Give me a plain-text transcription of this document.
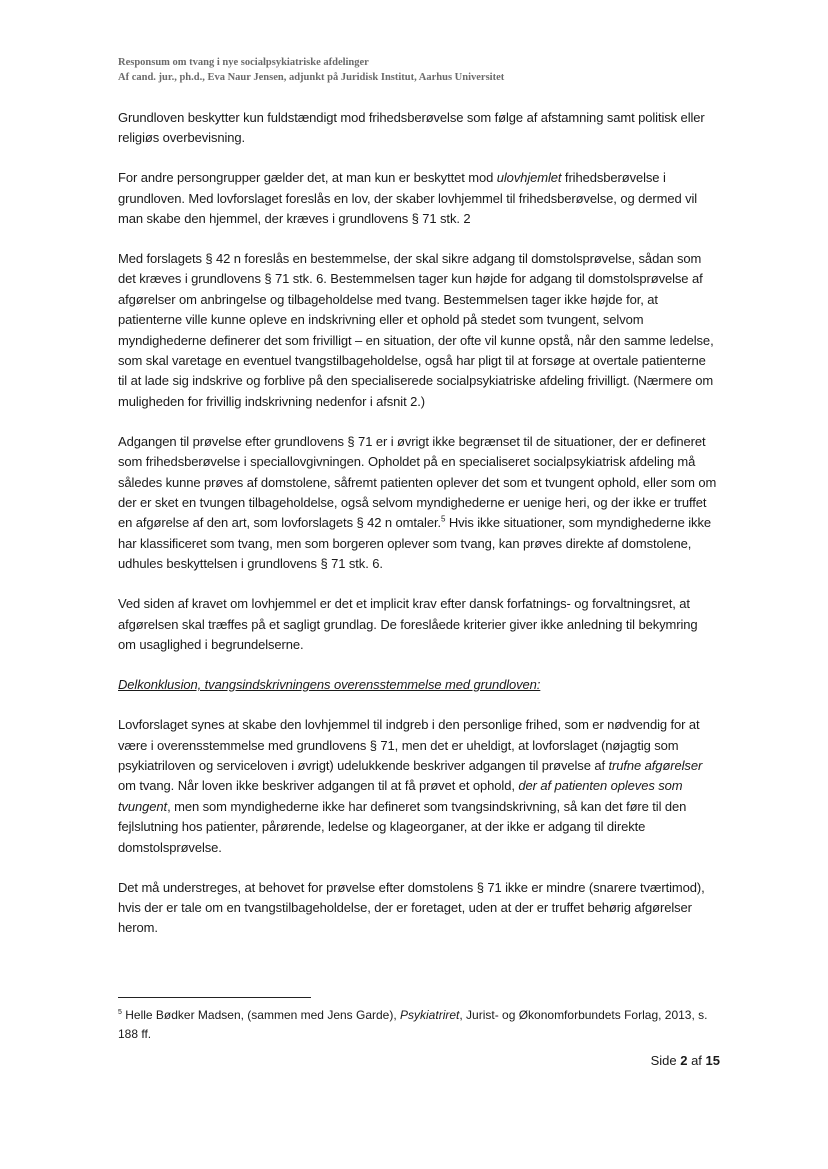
Responsum om tvang i nye socialpsykiatriske afdelinger
Af cand. jur., ph.d., Eva Naur Jensen, adjunkt på Juridisk Institut, Aarhus Universitet

Grundloven beskytter kun fuldstændigt mod frihedsberøvelse som følge af afstamning samt politisk eller religiøs overbevisning.

For andre persongrupper gælder det, at man kun er beskyttet mod ulovhjemlet frihedsberøvelse i grundloven. Med lovforslaget foreslås en lov, der skaber lovhjemmel til frihedsberøvelse, og dermed vil man skabe den hjemmel, der kræves i grundlovens § 71 stk. 2

Med forslagets § 42 n foreslås en bestemmelse, der skal sikre adgang til domstolsprøvelse, sådan som det kræves i grundlovens § 71 stk. 6. Bestemmelsen tager kun højde for adgang til domstolsprøvelse af afgørelser om anbringelse og tilbageholdelse med tvang. Bestemmelsen tager ikke højde for, at patienterne ville kunne opleve en indskrivning eller et ophold på stedet som tvungent, selvom myndighederne definerer det som frivilligt – en situation, der ofte vil kunne opstå, når den samme ledelse, som skal varetage en eventuel tvangstilbageholdelse, også har pligt til at forsøge at overtale patienterne til at lade sig indskrive og forblive på den specialiserede socialpsykiatriske afdeling frivilligt. (Nærmere om muligheden for frivillig indskrivning nedenfor i afsnit 2.)

Adgangen til prøvelse efter grundlovens § 71 er i øvrigt ikke begrænset til de situationer, der er defineret som frihedsberøvelse i speciallovgivningen. Opholdet på en specialiseret socialpsykiatrisk afdeling må således kunne prøves af domstolene, såfremt patienten oplever det som et tvungent ophold, eller som om der er sket en tvungen tilbageholdelse, også selvom myndighederne er uenige heri, og der ikke er truffet en afgørelse af den art, som lovforslagets § 42 n omtaler.$^5$ Hvis ikke situationer, som myndighederne ikke har klassificeret som tvang, men som borgeren oplever som tvang, kan prøves direkte af domstolene, udhules beskyttelsen i grundlovens § 71 stk. 6.

Ved siden af kravet om lovhjemmel er det et implicit krav efter dansk forfatnings- og forvaltningsret, at afgørelsen skal træffes på et sagligt grundlag. De foreslåede kriterier giver ikke anledning til bekymring om usaglighed i begrundelserne.

Delkonklusion, tvangsindskrivningens overensstemmelse med grundloven:

Lovforslaget synes at skabe den lovhjemmel til indgreb i den personlige frihed, som er nødvendig for at være i overensstemmelse med grundlovens § 71, men det er uheldigt, at lovforslaget (nøjagtig som psykiatriloven og serviceloven i øvrigt) udelukkende beskriver adgangen til prøvelse af trufne afgørelser om tvang. Når loven ikke beskriver adgangen til at få prøvet et ophold, der af patienten opleves som tvungent, men som myndighederne ikke har defineret som tvangsindskrivning, så kan det føre til den fejlslutning hos patienter, pårørende, ledelse og klageorganer, at der ikke er adgang til direkte domstolsprøvelse.

Det må understreges, at behovet for prøvelse efter domstolens § 71 ikke er mindre (snarere tværtimod), hvis der er tale om en tvangstilbageholdelse, der er foretaget, uden at der er truffet behørig afgørelser herom.

$^5$ Helle Bødker Madsen, (sammen med Jens Garde), Psykiatriret, Jurist- og Økonomforbundets Forlag, 2013, s. 188 ff.
Side 2 af 15
